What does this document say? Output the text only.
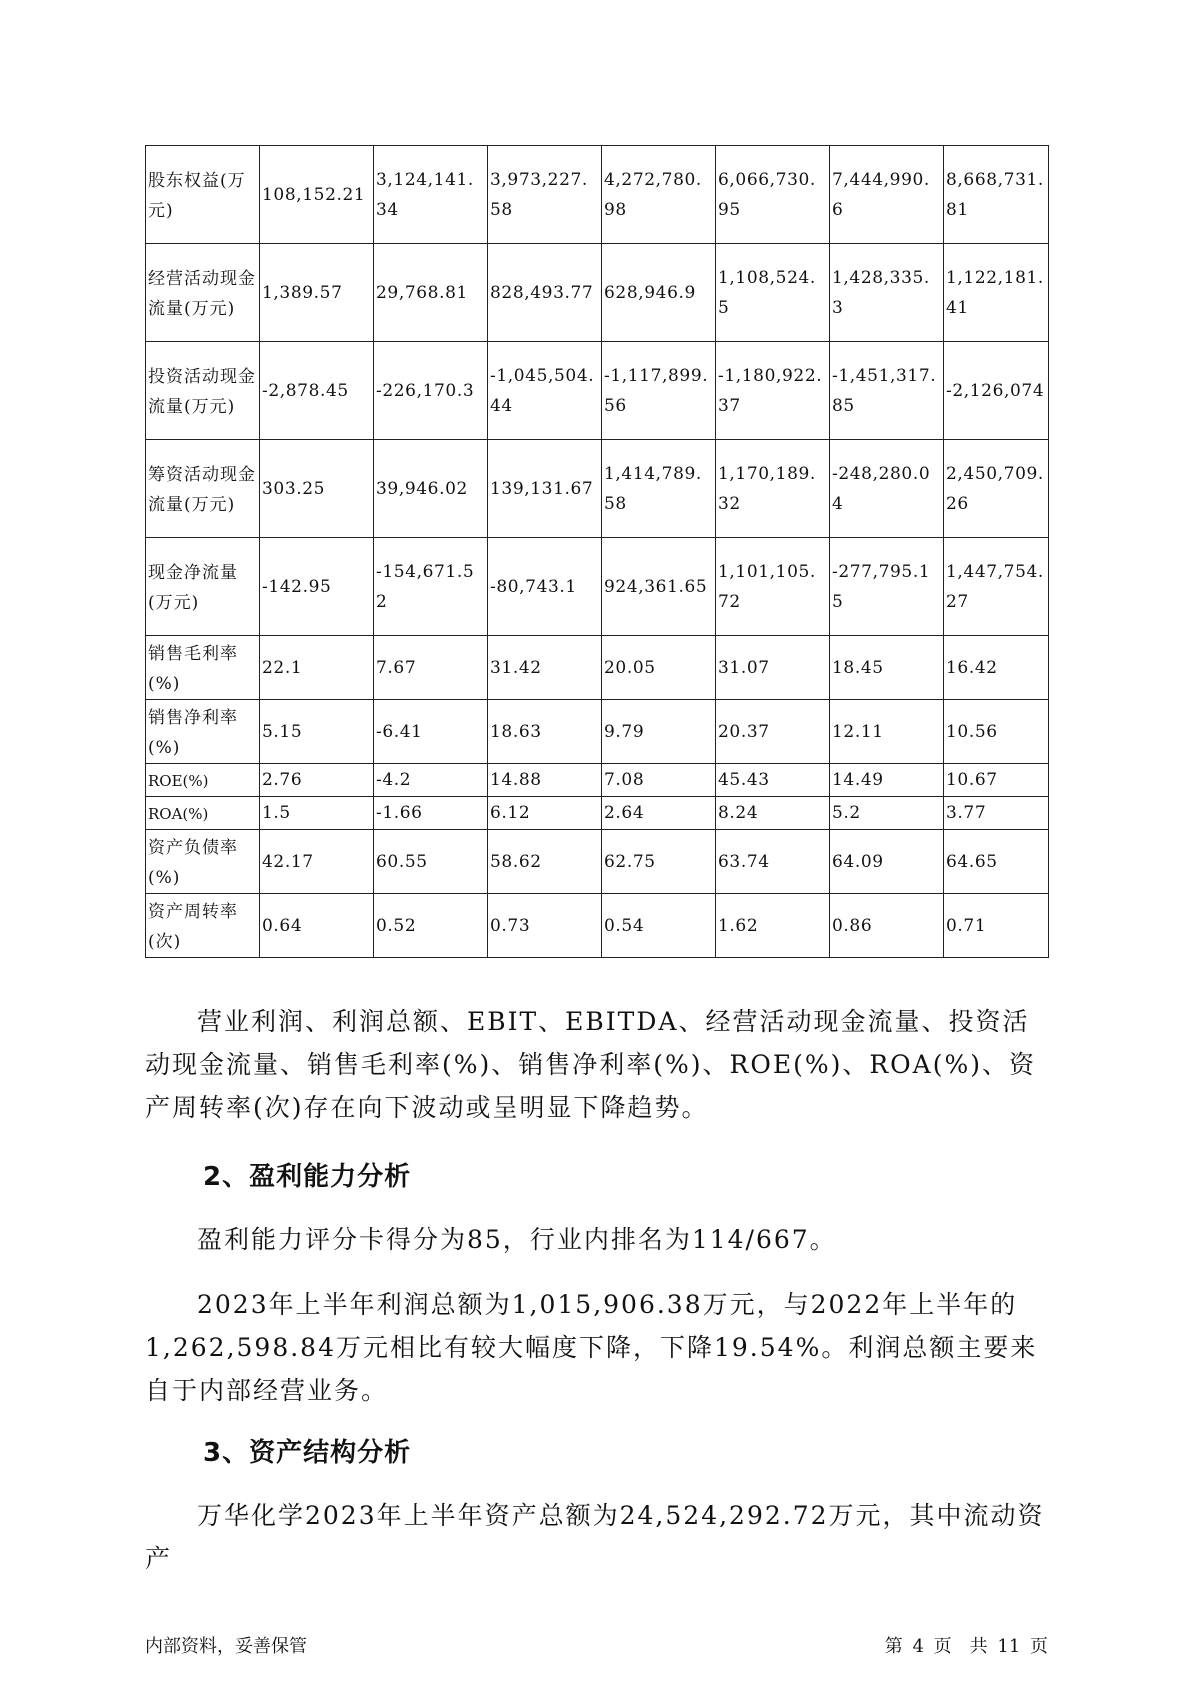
股东权益(万元)	108,152.21	3,124,141.34	3,973,227.58	4,272,780.98	6,066,730.95	7,444,990.6	8,668,731.81
经营活动现金流量(万元)	1,389.57	29,768.81	828,493.77	628,946.9	1,108,524.5	1,428,335.3	1,122,181.41
投资活动现金流量(万元)	-2,878.45	-226,170.3	-1,045,504.44	-1,117,899.56	-1,180,922.37	-1,451,317.85	-2,126,074
筹资活动现金流量(万元)	303.25	39,946.02	139,131.67	1,414,789.58	1,170,189.32	-248,280.04	2,450,709.26
现金净流量(万元)	-142.95	-154,671.52	-80,743.1	924,361.65	1,101,105.72	-277,795.15	1,447,754.27
销售毛利率(%)	22.1	7.67	31.42	20.05	31.07	18.45	16.42
销售净利率(%)	5.15	-6.41	18.63	9.79	20.37	12.11	10.56
ROE(%)	2.76	-4.2	14.88	7.08	45.43	14.49	10.67
ROA(%)	1.5	-1.66	6.12	2.64	8.24	5.2	3.77
资产负债率(%)	42.17	60.55	58.62	62.75	63.74	64.09	64.65
资产周转率(次)	0.64	0.52	0.73	0.54	1.62	0.86	0.71

营业利润、利润总额、EBIT、EBITDA、经营活动现金流量、投资活动现金流量、销售毛利率(%)、销售净利率(%)、ROE(%)、ROA(%)、资产周转率(次)存在向下波动或呈明显下降趋势。

2、盈利能力分析

盈利能力评分卡得分为85，行业内排名为114/667。

2023年上半年利润总额为1,015,906.38万元，与2022年上半年的1,262,598.84万元相比有较大幅度下降，下降19.54%。利润总额主要来自于内部经营业务。

3、资产结构分析

万华化学2023年上半年资产总额为24,524,292.72万元，其中流动资产

内部资料，妥善保管	第 4 页　共 11 页
